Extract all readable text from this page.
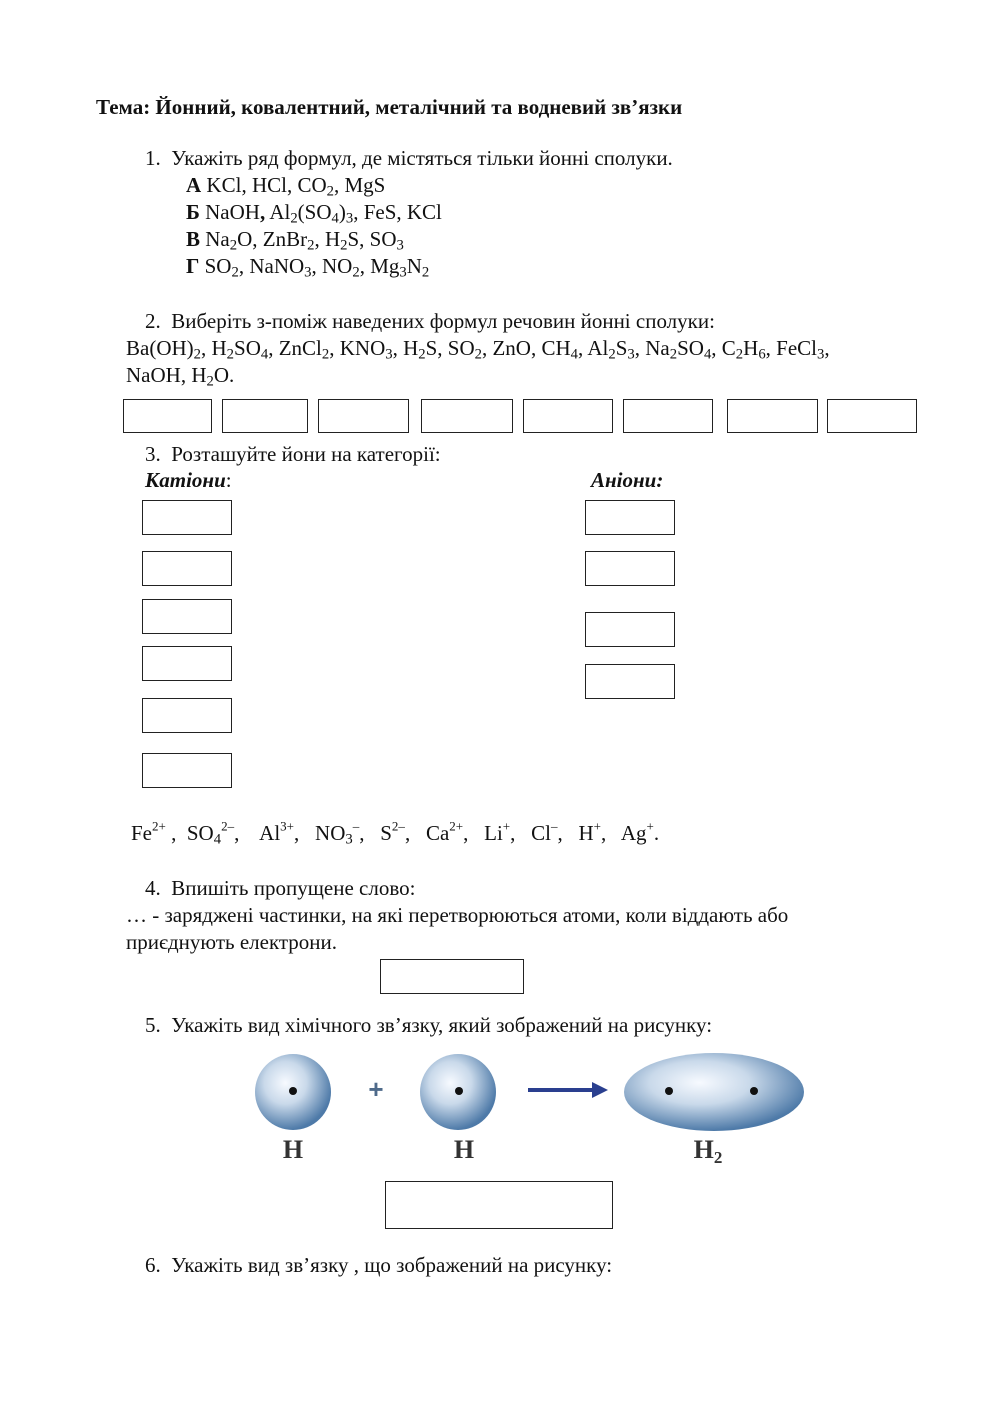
Тема: Йонний, ковалентний, металічний та водневий зв’язки
1. Укажіть ряд формул, де містяться тільки йонні сполуки.
А KCl, HCl, $CO_2$, MgS
Б NaOH, $Al_2(SO_4)_3$, FeS, KCl
В $Na_2O$, ZnBr$_2$, $H_2S$, $SO_3$
Г $SO_2$, NaNO$_3$, $NO_2$, $Mg_3N_2$
2. Виберіть з-поміж наведених формул речовин йонні сполуки:
$Ba(OH)_2$, $H_2SO_4$, ZnCl$_2$, $KNO_3$, $H_2S$, $SO_2$, ZnO, $CH_4$, $Al_2S_3$, $Na_2SO_4$, $C_2H_6$, FeCl$_3$,
NaOH, $H_2O$.
3. Розташуйте йони на категорії:
Катіони:	Аніони:
$Fe^{2+}$ ,  $SO_4^{2-}$,    $Al^{3+}$,   $NO_3^-$,   $S^{2-}$,   $Ca^{2+}$,   Li+,   Cl–,   H+,   Ag+.
4. Впишіть пропущене слово:
… - заряджені частинки, на які перетворюються атоми, коли віддають або
приєднують електрони.
5. Укажіть вид хімічного зв’язку, який зображений на рисунку:
+
H	H	H2
6. Укажіть вид зв’язку , що зображений на рисунку:
